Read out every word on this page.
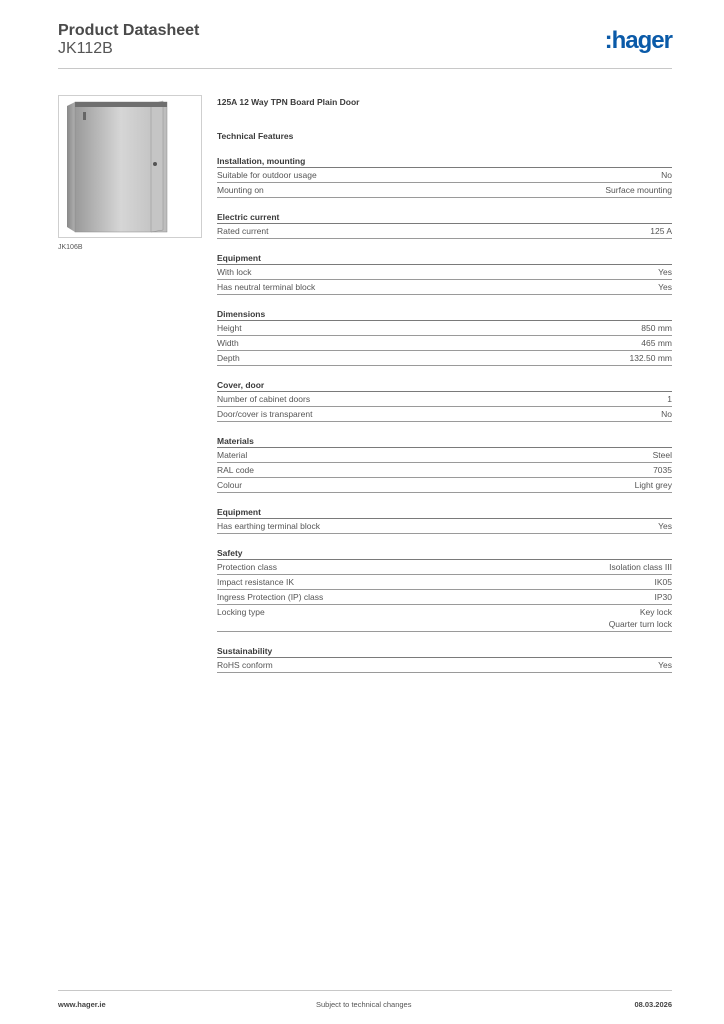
Product Datasheet
JK112B	:hager
JK106B
125A 12 Way TPN Board Plain Door
Technical Features
Installation, mounting
Suitable for outdoor usage	No
Mounting on	Surface mounting
Electric current
Rated current	125 A
Equipment
With lock	Yes
Has neutral terminal block	Yes
Dimensions
Height	850 mm
Width	465 mm
Depth	132.50 mm
Cover, door
Number of cabinet doors	1
Door/cover is transparent	No
Materials
Material	Steel
RAL code	7035
Colour	Light grey
Equipment
Has earthing terminal block	Yes
Safety
Protection class	Isolation class III
Impact resistance IK	IK05
Ingress Protection (IP) class	IP30
Locking type	Key lock
Quarter turn lock
Sustainability
RoHS conform	Yes
www.hager.ie	Subject to technical changes	08.03.2026
